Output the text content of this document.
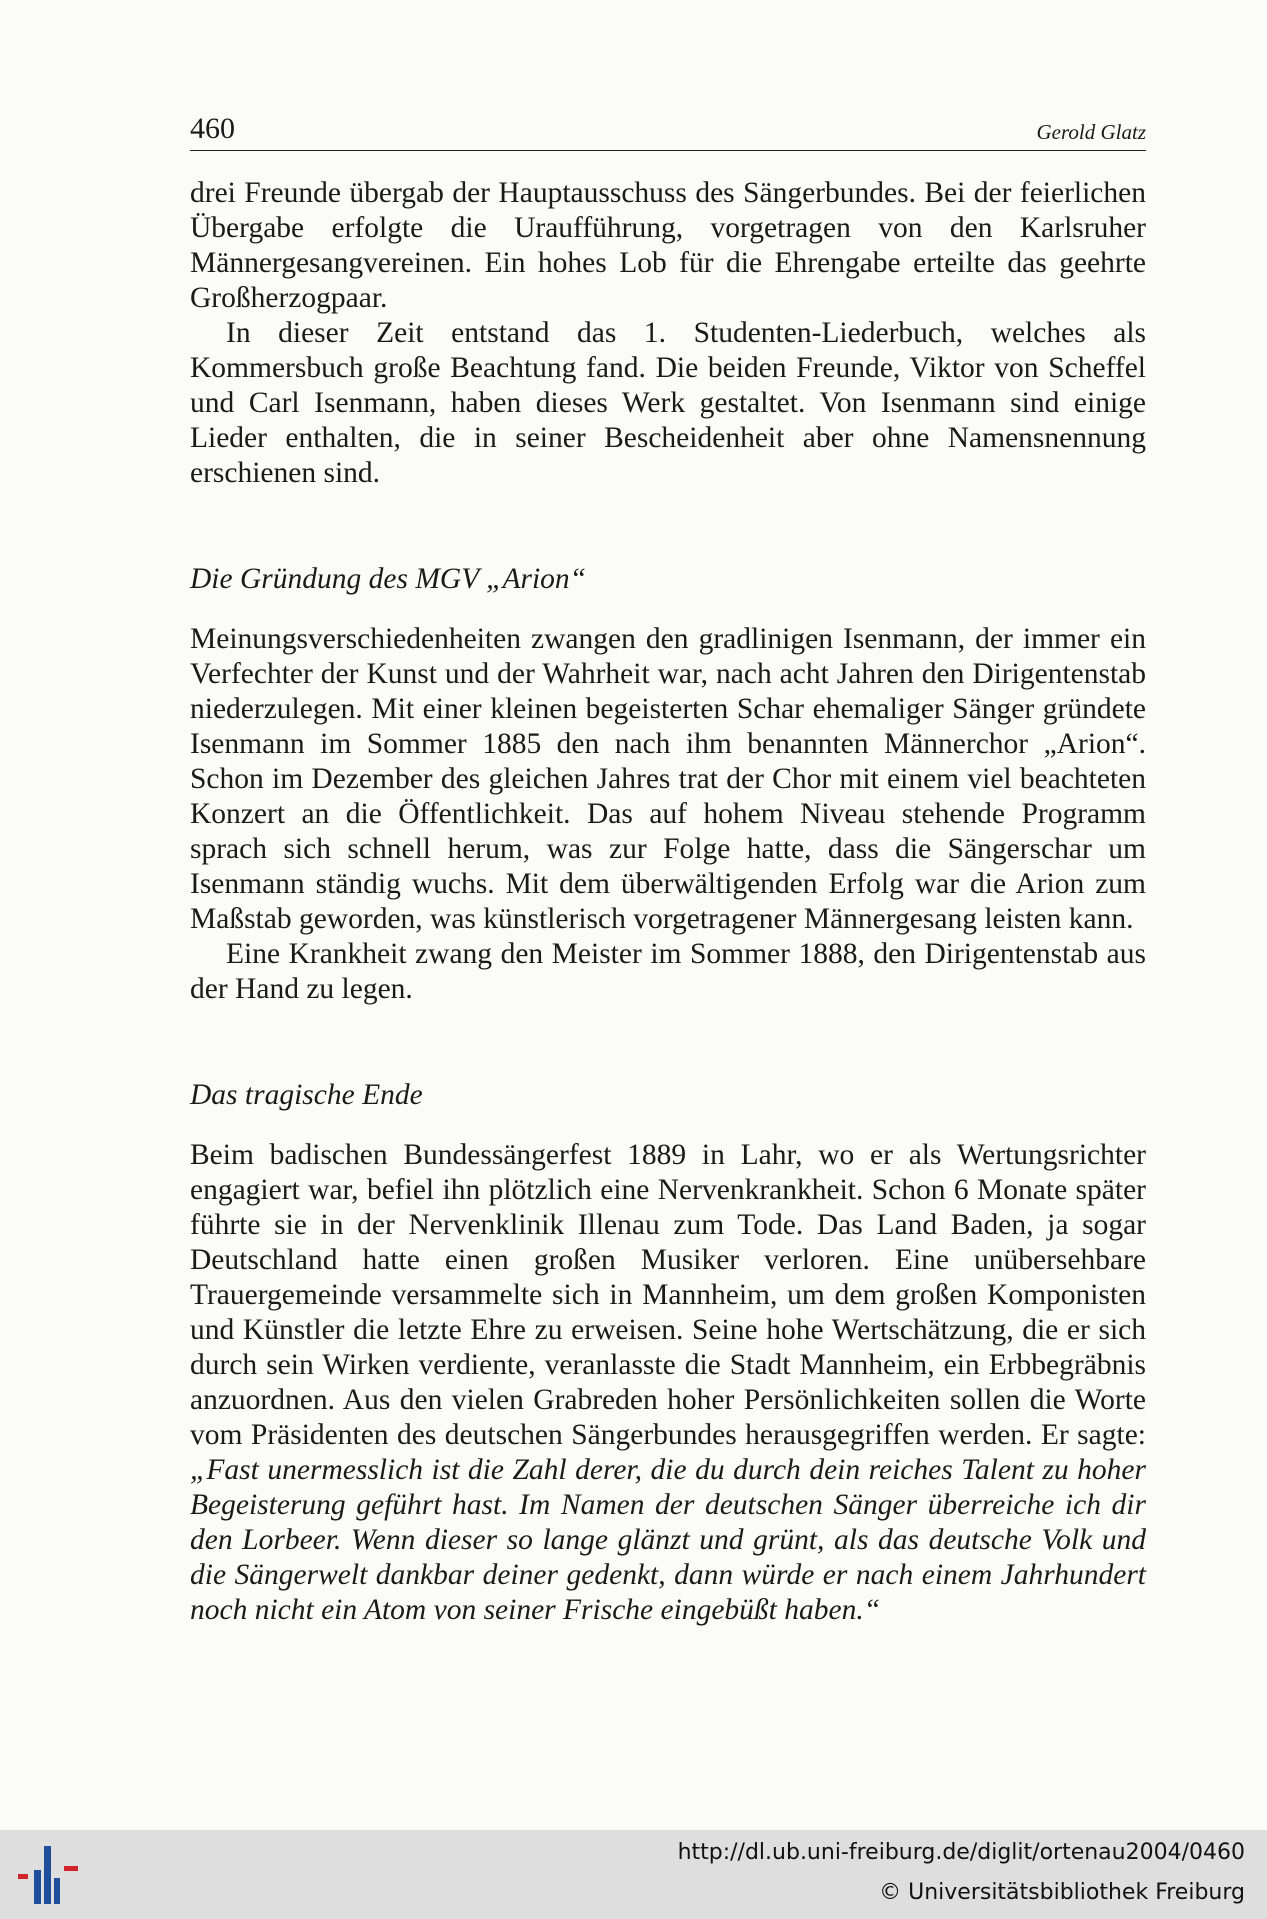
460	Gerold Glatz

drei Freunde übergab der Hauptausschuss des Sängerbundes. Bei der feierlichen Übergabe erfolgte die Uraufführung, vorgetragen von den Karlsruher Männergesangvereinen. Ein hohes Lob für die Ehrengabe erteilte das geehrte Großherzogpaar.

In dieser Zeit entstand das 1. Studenten-Liederbuch, welches als Kommersbuch große Beachtung fand. Die beiden Freunde, Viktor von Scheffel und Carl Isenmann, haben dieses Werk gestaltet. Von Isenmann sind einige Lieder enthalten, die in seiner Bescheidenheit aber ohne Namensnennung erschienen sind.

Die Gründung des MGV „Arion“

Meinungsverschiedenheiten zwangen den gradlinigen Isenmann, der immer ein Verfechter der Kunst und der Wahrheit war, nach acht Jahren den Dirigentenstab niederzulegen. Mit einer kleinen begeisterten Schar ehemaliger Sänger gründete Isenmann im Sommer 1885 den nach ihm benannten Männerchor „Arion“. Schon im Dezember des gleichen Jahres trat der Chor mit einem viel beachteten Konzert an die Öffentlichkeit. Das auf hohem Niveau stehende Programm sprach sich schnell herum, was zur Folge hatte, dass die Sängerschar um Isenmann ständig wuchs. Mit dem überwältigenden Erfolg war die Arion zum Maßstab geworden, was künstlerisch vorgetragener Männergesang leisten kann.

Eine Krankheit zwang den Meister im Sommer 1888, den Dirigentenstab aus der Hand zu legen.

Das tragische Ende

Beim badischen Bundessängerfest 1889 in Lahr, wo er als Wertungsrichter engagiert war, befiel ihn plötzlich eine Nervenkrankheit. Schon 6 Monate später führte sie in der Nervenklinik Illenau zum Tode. Das Land Baden, ja sogar Deutschland hatte einen großen Musiker verloren. Eine unübersehbare Trauergemeinde versammelte sich in Mannheim, um dem großen Komponisten und Künstler die letzte Ehre zu erweisen. Seine hohe Wertschätzung, die er sich durch sein Wirken verdiente, veranlasste die Stadt Mannheim, ein Erbbegräbnis anzuordnen. Aus den vielen Grabreden hoher Persönlichkeiten sollen die Worte vom Präsidenten des deutschen Sängerbundes herausgegriffen werden. Er sagte: „Fast unermesslich ist die Zahl derer, die du durch dein reiches Talent zu hoher Begeisterung geführt hast. Im Namen der deutschen Sänger überreiche ich dir den Lorbeer. Wenn dieser so lange glänzt und grünt, als das deutsche Volk und die Sängerwelt dankbar deiner gedenkt, dann würde er nach einem Jahrhundert noch nicht ein Atom von seiner Frische eingebüßt haben.“

http://dl.ub.uni-freiburg.de/diglit/ortenau2004/0460
© Universitätsbibliothek Freiburg
